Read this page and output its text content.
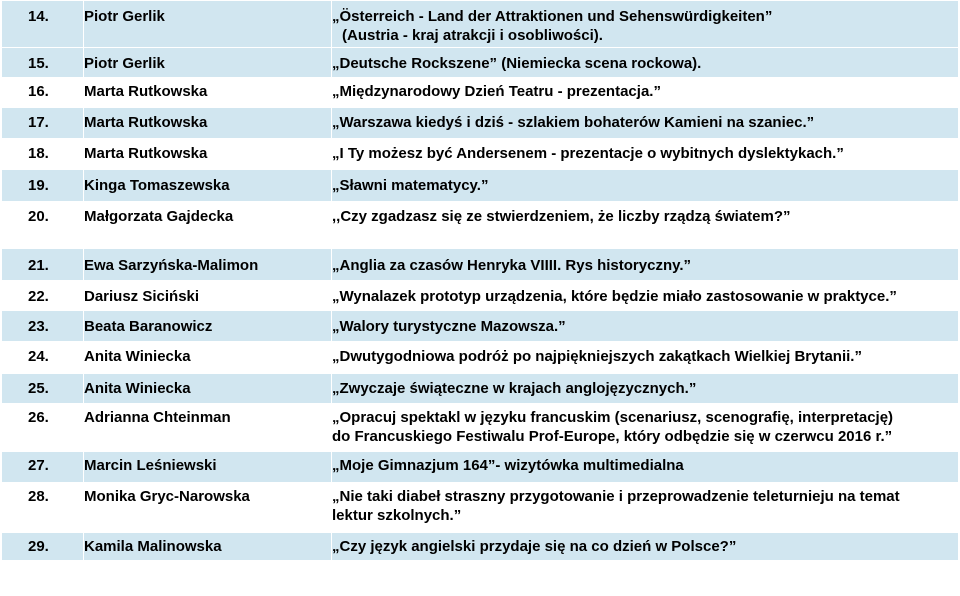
14.	Piotr Gerlik	„Österreich - Land der Attraktionen und Sehenswürdigkeiten”
(Austria - kraj atrakcji i osobliwości).

15.	Piotr Gerlik	„Deutsche Rockszene” (Niemiecka scena rockowa).
16.	Marta Rutkowska	„Międzynarodowy Dzień Teatru - prezentacja.”
17.	Marta Rutkowska	„Warszawa kiedyś i dziś - szlakiem bohaterów Kamieni na szaniec.”
18.	Marta Rutkowska	„I Ty możesz być Andersenem - prezentacje o wybitnych dyslektykach.”
19.	Kinga Tomaszewska	„Sławni matematycy.”
20.	Małgorzata Gajdecka	,,Czy zgadzasz się ze stwierdzeniem, że liczby rządzą światem?”
21.	Ewa Sarzyńska-Malimon	„Anglia za czasów Henryka VIIII. Rys historyczny.”
22.	Dariusz Siciński	„Wynalazek prototyp urządzenia, które będzie miało zastosowanie w praktyce.”
23.	Beata Baranowicz	„Walory turystyczne Mazowsza.”
24.	Anita Winiecka	„Dwutygodniowa podróż po najpiękniejszych zakątkach Wielkiej Brytanii.”
25.	Anita Winiecka	„Zwyczaje świąteczne w krajach anglojęzycznych.”
26.	Adrianna Chteinman	„Opracuj spektakl w języku francuskim (scenariusz, scenografię, interpretację)
do Francuskiego Festiwalu Prof-Europe, który odbędzie się w czerwcu 2016 r.”

27.	Marcin Leśniewski	„Moje Gimnazjum 164”- wizytówka multimedialna
28.	Monika Gryc-Narowska	„Nie taki diabeł straszny przygotowanie i przeprowadzenie teleturnieju na temat
lektur szkolnych.”

29.	Kamila Malinowska	„Czy język angielski przydaje się na co dzień w Polsce?”
